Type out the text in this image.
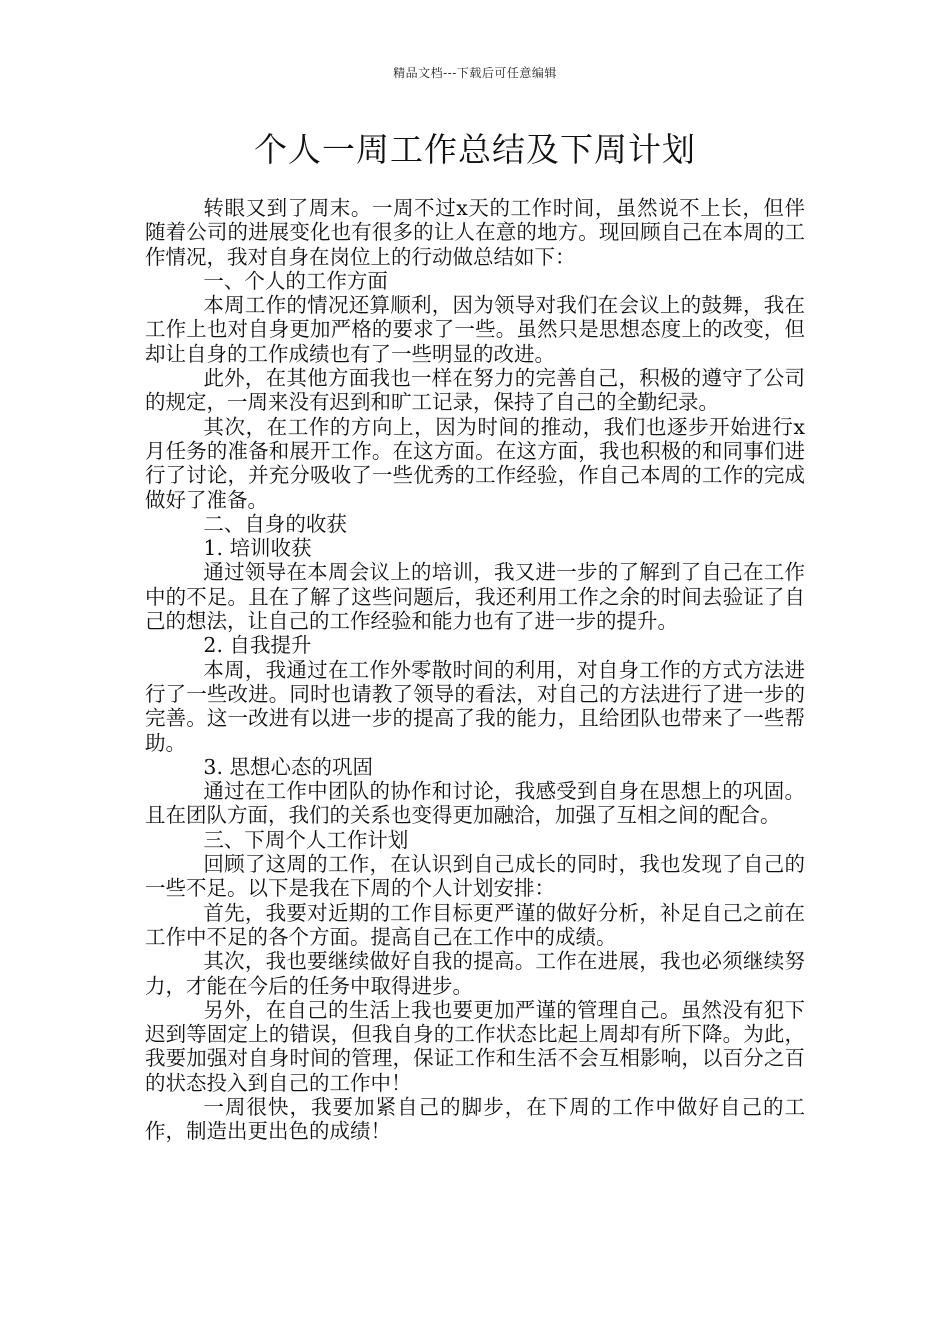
精品文档---下载后可任意编辑
个人一周工作总结及下周计划

转眼又到了周末。一周不过x天的工作时间，虽然说不上长，但伴随着公司的进展变化也有很多的让人在意的地方。现回顾自己在本周的工作情况，我对自身在岗位上的行动做总结如下：

一、个人的工作方面

本周工作的情况还算顺利，因为领导对我们在会议上的鼓舞，我在工作上也对自身更加严格的要求了一些。虽然只是思想态度上的改变，但却让自身的工作成绩也有了一些明显的改进。

此外，在其他方面我也一样在努力的完善自己，积极的遵守了公司的规定，一周来没有迟到和旷工记录，保持了自己的全勤纪录。

其次，在工作的方向上，因为时间的推动，我们也逐步开始进行x月任务的准备和展开工作。在这方面。在这方面，我也积极的和同事们进行了讨论，并充分吸收了一些优秀的工作经验，作自己本周的工作的完成做好了准备。

二、自身的收获

1. 培训收获

通过领导在本周会议上的培训，我又进一步的了解到了自己在工作中的不足。且在了解了这些问题后，我还利用工作之余的时间去验证了自己的想法，让自己的工作经验和能力也有了进一步的提升。

2. 自我提升

本周，我通过在工作外零散时间的利用，对自身工作的方式方法进行了一些改进。同时也请教了领导的看法，对自己的方法进行了进一步的完善。这一改进有以进一步的提高了我的能力，且给团队也带来了一些帮助。

3. 思想心态的巩固

通过在工作中团队的协作和讨论，我感受到自身在思想上的巩固。且在团队方面，我们的关系也变得更加融洽，加强了互相之间的配合。

三、下周个人工作计划

回顾了这周的工作，在认识到自己成长的同时，我也发现了自己的一些不足。以下是我在下周的个人计划安排：

首先，我要对近期的工作目标更严谨的做好分析，补足自己之前在工作中不足的各个方面。提高自己在工作中的成绩。

其次，我也要继续做好自我的提高。工作在进展，我也必须继续努力，才能在今后的任务中取得进步。

另外，在自己的生活上我也要更加严谨的管理自己。虽然没有犯下迟到等固定上的错误，但我自身的工作状态比起上周却有所下降。为此，我要加强对自身时间的管理，保证工作和生活不会互相影响，以百分之百的状态投入到自己的工作中！

一周很快，我要加紧自己的脚步，在下周的工作中做好自己的工作，制造出更出色的成绩！
